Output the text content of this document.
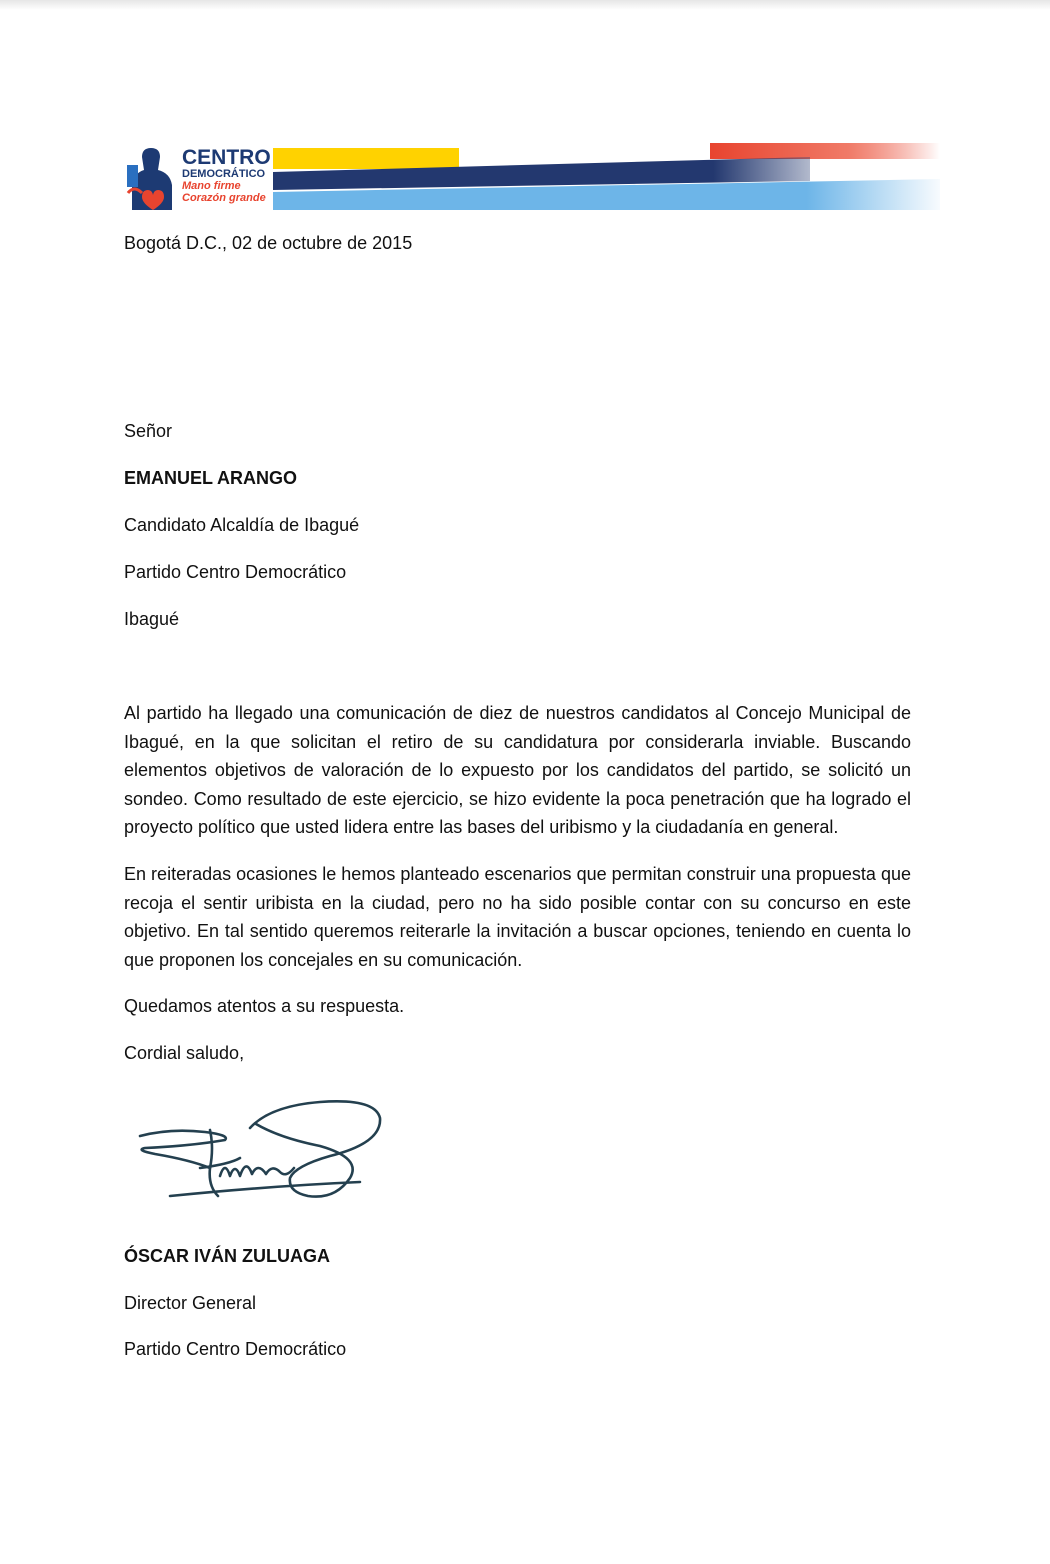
CENTRO
DEMOCRÁTICO
Mano firme
Corazón grande
Bogotá D.C., 02 de octubre de 2015
Señor
EMANUEL ARANGO
Candidato Alcaldía de Ibagué
Partido Centro Democrático
Ibagué

Al partido ha llegado una comunicación de diez de nuestros candidatos al Concejo Municipal de Ibagué, en la que solicitan el retiro de su candidatura por considerarla inviable. Buscando elementos objetivos de valoración de lo expuesto por los candidatos del partido, se solicitó un sondeo. Como resultado de este ejercicio, se hizo evidente la poca penetración que ha logrado el proyecto político que usted lidera entre las bases del uribismo y la ciudadanía en general.

En reiteradas ocasiones le hemos planteado escenarios que permitan construir una propuesta que recoja el sentir uribista en la ciudad, pero no ha sido posible contar con su concurso en este objetivo. En tal sentido queremos reiterarle la invitación a buscar opciones, teniendo en cuenta lo que proponen los concejales en su comunicación.

Quedamos atentos a su respuesta.
Cordial saludo,
ÓSCAR IVÁN ZULUAGA
Director General
Partido Centro Democrático
